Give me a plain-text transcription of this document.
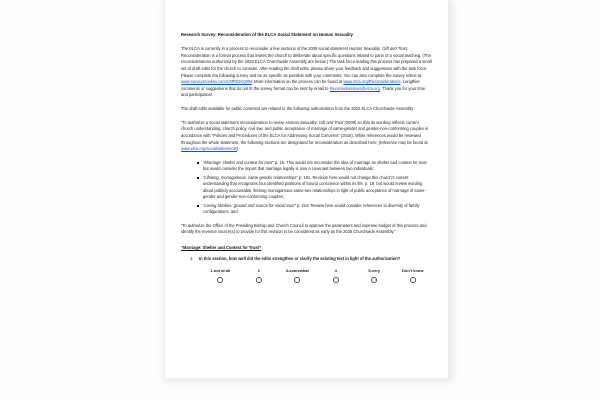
Research Survey: Reconsideration of the ELCA Social Statement on Human Sexuality

The ELCA is currently in a process to reconsider a few sections of the 2009 social statement Human Sexuality: Gift and Trust. Reconsideration is a formal process that invites the church to deliberate about specific questions related to parts of a social teaching. (The reconsiderations authorized by the 2022 ELCA Churchwide Assembly are below.) The task force leading this process has prepared a small set of draft edits for the church to consider. After reading the draft edits, please share your feedback and suggestions with the task force. Please complete the following survey and be as specific as possible with your comments. You can also complete the survey online at www.surveymonkey.com/r/3PNDXQ8M. More information on the process can be found at www.elca.org/Reconsiderations. Lengthier comments or suggestions that do not fit the survey format can be sent by email to Reconsiderations@elca.org. Thank you for your time and participation!

The draft edits available for public comment are related to the following authorization from the 2022 ELCA Churchwide Assembly:

“To authorize a social statement reconsideration to revise Human Sexuality: Gift and Trust (2009) so that its wording reflects current church understanding, church policy, civil law, and public acceptance of marriage of same-gender and gender-non-conforming couples in accordance with “Policies and Procedures of the ELCA for Addressing Social Concerns” (2016). While references would be reviewed throughout the whole statement, the following sections are designated for reconsideration as described here; [reference may be found at www.elca.org/socialstatements]

“Marriage: shelter and context for trust” p. 15. This would not reconsider the idea of marriage as shelter and context for trust but would consider the import that marriage legally is now a covenant between two individuals;
“Lifelong, monogamous, same-gender relationships” p. 181. Revision here would not change this church's current understanding that recognizes four identified positions of bound conscience within its life, p. 19, but would review wording about publicly accountable, lifelong monogamous same-sex relationships in light of public acceptance of marriage of same-gender and gender-non-conforming couples;
“Loving families: ground and source for social trust” p. 216. Review here would consider references to diversity of family configurations; and

“To authorize the Office of the Presiding Bishop and Church Council to approve the parameters and expense budget of this process and identify the revenue source(s) to provide for this revision to be considered as early as the 2025 Churchwide Assembly.”

“Marriage: Shelter and Context for Trust”
In this section, how well did the edits strengthen or clarify the existing text in light of the authorization?
1-not at all	2	3-somewhat	4	5-very	Don't know
